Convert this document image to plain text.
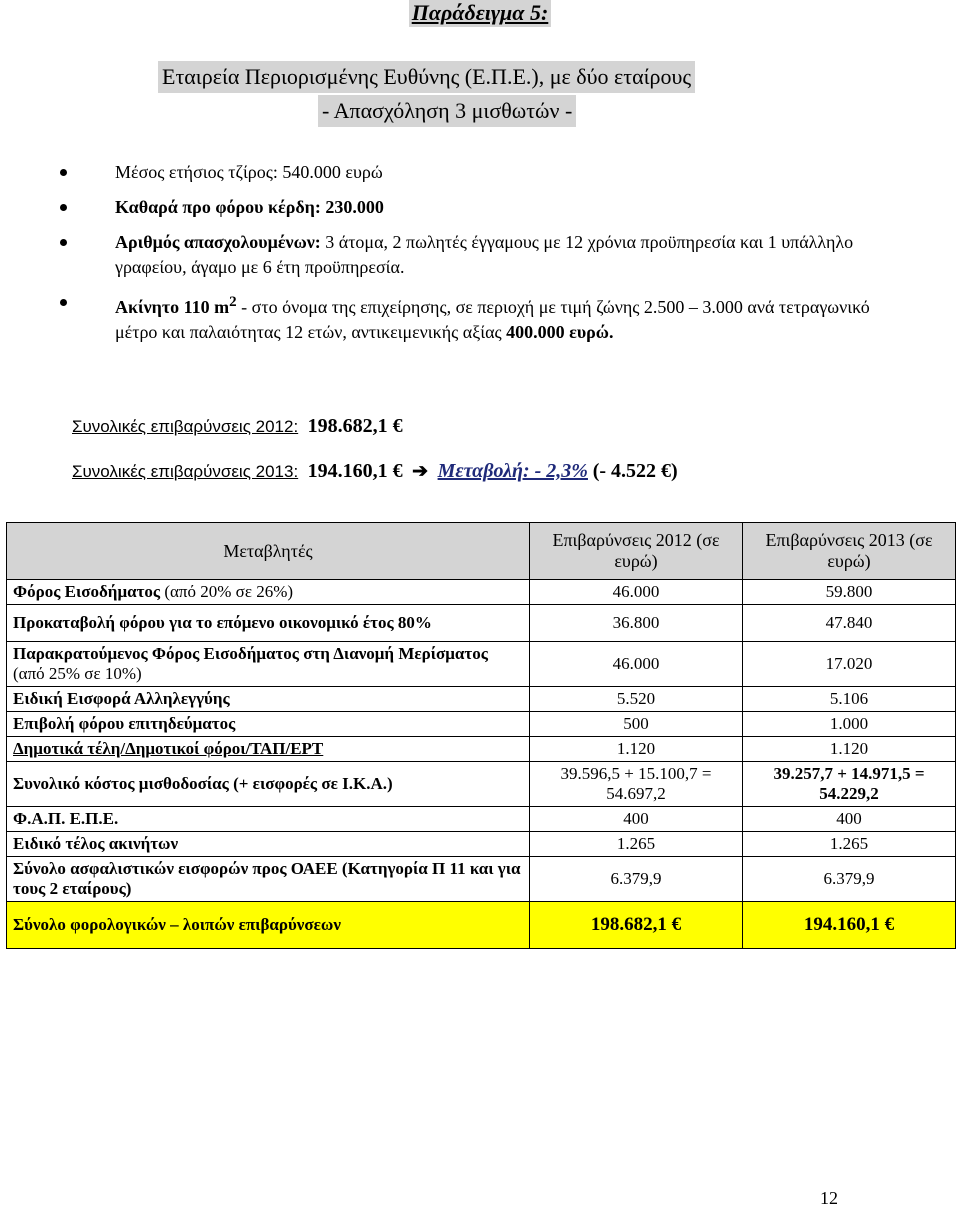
Παράδειγμα 5:
Εταιρεία Περιορισμένης Ευθύνης (Ε.Π.Ε.), με δύο εταίρους
- Απασχόληση 3 μισθωτών -
Μέσος ετήσιος τζίρος: 540.000 ευρώ
Καθαρά προ φόρου κέρδη: 230.000
Αριθμός απασχολουμένων: 3 άτομα, 2 πωλητές έγγαμους με 12 χρόνια προϋπηρεσία και 1 υπάλληλο γραφείου, άγαμο με 6 έτη προϋπηρεσία.
Ακίνητο 110 $m^2$ - στο όνομα της επιχείρησης, σε περιοχή με τιμή ζώνης 2.500 – 3.000 ανά τετραγωνικό μέτρο και παλαιότητας 12 ετών, αντικειμενικής αξίας 400.000 ευρώ.
Συνολικές επιβαρύνσεις 2012: 198.682,1 €
Συνολικές επιβαρύνσεις 2013: 194.160,1 € ➔ Μεταβολή: - 2,3% (- 4.522 €)
Μεταβλητές	Επιβαρύνσεις 2012 (σε ευρώ)	Επιβαρύνσεις 2013 (σε ευρώ)
Φόρος Εισοδήματος (από 20% σε 26%)	46.000	59.800
Προκαταβολή φόρου για το επόμενο οικονομικό έτος 80%	36.800	47.840
Παρακρατούμενος Φόρος Εισοδήματος στη Διανομή Μερίσματος (από 25% σε 10%)	46.000	17.020
Ειδική Εισφορά Αλληλεγγύης	5.520	5.106
Επιβολή φόρου επιτηδεύματος	500	1.000
Δημοτικά τέλη/Δημοτικοί φόροι/ΤΑΠ/ΕΡΤ	1.120	1.120
Συνολικό κόστος μισθοδοσίας (+ εισφορές σε Ι.Κ.Α.)	39.596,5 + 15.100,7 = 54.697,2	39.257,7 + 14.971,5 = 54.229,2
Φ.Α.Π. Ε.Π.Ε.	400	400
Ειδικό τέλος ακινήτων	1.265	1.265
Σύνολο ασφαλιστικών εισφορών προς ΟΑΕΕ (Κατηγορία Π 11 και για τους 2 εταίρους)	6.379,9	6.379,9
Σύνολο φορολογικών – λοιπών επιβαρύνσεων	198.682,1 €	194.160,1 €
12
